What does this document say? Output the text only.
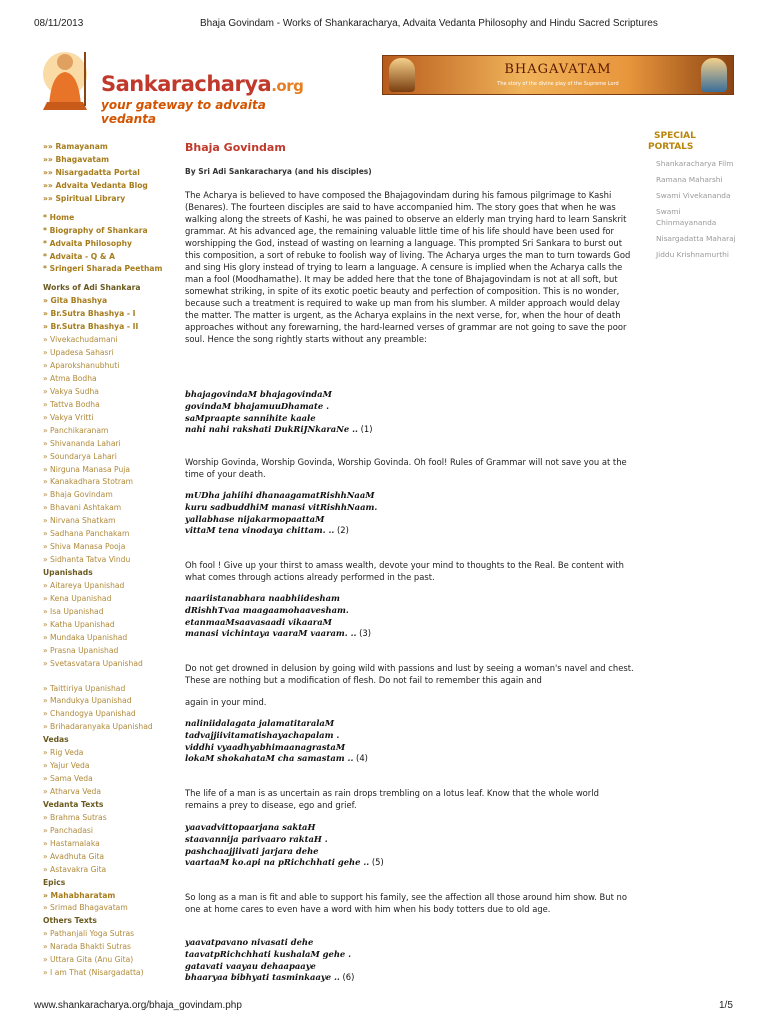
08/11/2013	Bhaja Govindam - Works of Shankaracharya, Advaita Vedanta Philosophy and Hindu Sacred Scriptures
Sankaracharya.org
your gateway to advaita vedanta
BHAGAVATAM
The story of the divine play of the Supreme Lord
»» Ramayanam
»» Bhagavatam
»» Nisargadatta Portal
»» Advaita Vedanta Blog
»» Spiritual Library
* Home
* Biography of Shankara
* Advaita Philosophy
* Advaita - Q & A
* Sringeri Sharada Peetham
Works of Adi Shankara
» Gita Bhashya
» Br.Sutra Bhashya - I
» Br.Sutra Bhashya - II
» Vivekachudamani
» Upadesa Sahasri
» Aparokshanubhuti
» Atma Bodha
» Vakya Sudha
» Tattva Bodha
» Vakya Vritti
» Panchikaranam
» Shivananda Lahari
» Soundarya Lahari
» Nirguna Manasa Puja
» Kanakadhara Stotram
» Bhaja Govindam
» Bhavani Ashtakam
» Nirvana Shatkam
» Sadhana Panchakam
» Shiva Manasa Pooja
» Sidhanta Tatva Vindu
Upanishads
» Aitareya Upanishad
» Kena Upanishad
» Isa Upanishad
» Katha Upanishad
» Mundaka Upanishad
» Prasna Upanishad
» Svetasvatara Upanishad
» Taittiriya Upanishad
» Mandukya Upanishad
» Chandogya Upanishad
» Brihadaranyaka Upanishad
Vedas
» Rig Veda
» Yajur Veda
» Sama Veda
» Atharva Veda
Vedanta Texts
» Brahma Sutras
» Panchadasi
» Hastamalaka
» Avadhuta Gita
» Astavakra Gita
Epics
» Mahabharatam
» Srimad Bhagavatam
Others Texts
» Pathanjali Yoga Sutras
» Narada Bhakti Sutras
» Uttara Gita (Anu Gita)
» I am That (Nisargadatta)
Bhaja Govindam
By Sri Adi Sankaracharya (and his disciples)
The Acharya is believed to have composed the Bhajagovindam during his famous pilgrimage to Kashi (Benares). The fourteen disciples are said to have accompanied him. The story goes that when he was walking along the streets of Kashi, he was pained to observe an elderly man trying hard to learn Sanskrit grammar. At his advanced age, the remaining valuable little time of his life should have been used for worshipping the God, instead of wasting on learning a language. This prompted Sri Sankara to burst out this composition, a sort of rebuke to foolish way of living. The Acharya urges the man to turn towards God and sing His glory instead of trying to learn a language. A censure is implied when the Acharya calls the man a fool (Moodhamathe). It may be added here that the tone of Bhajagovindam is not at all soft, but somewhat striking, in spite of its exotic poetic beauty and perfection of composition. This is no wonder, because such a treatment is required to wake up man from his slumber. A milder approach would delay the matter. The matter is urgent, as the Acharya explains in the next verse, for, when the hour of death approaches without any forewarning, the hard-learned verses of grammar are not going to save the poor soul. Hence the song rightly starts without any preamble:
bhajagovindaM bhajagovindaM
govindaM bhajamuuDhamate .
saMpraapte sannihite kaale
nahi nahi rakshati DukRiJNkaraNe .. (1)
Worship Govinda, Worship Govinda, Worship Govinda. Oh fool! Rules of Grammar will not save you at the time of your death.
mUDha jahiihi dhanaagamatRishhNaaM
kuru sadbuddhiM manasi vitRishhNaam.
yallabhase nijakarmopaattaM
vittaM tena vinodaya chittam. .. (2)
Oh fool ! Give up your thirst to amass wealth, devote your mind to thoughts to the Real. Be content with what comes through actions already performed in the past.
naariistanabhara naabhiidesham
dRishhTvaa maagaamohaavesham.
etanmaaMsaavasaadi vikaaraM
manasi vichintaya vaaraM vaaram. .. (3)
Do not get drowned in delusion by going wild with passions and lust by seeing a woman's navel and chest. These are nothing but a modification of flesh. Do not fail to remember this again and
again in your mind.
naliniidalagata jalamatitaralaM
tadvajjiivitamatishayachapalam .
viddhi vyaadhyabhimaanagrastaM
lokaM shokahataM cha samastam .. (4)
The life of a man is as uncertain as rain drops trembling on a lotus leaf. Know that the whole world remains a prey to disease, ego and grief.
yaavadvittopaarjana saktaH
staavannija parivaaro raktaH .
pashchaajjiivati jarjara dehe
vaartaaM ko.api na pRichchhati gehe .. (5)
So long as a man is fit and able to support his family, see the affection all those around him show. But no one at home cares to even have a word with him when his body totters due to old age.
yaavatpavano nivasati dehe
taavatpRichchhati kushalaM gehe .
gatavati vaayau dehaapaaye
bhaaryaa bibhyati tasminkaaye .. (6)
SPECIAL
PORTALS
Shankaracharya Film
Ramana Maharshi
Swami Vivekananda
Swami Chinmayananda
Nisargadatta Maharaj
Jiddu Krishnamurthi
www.shankaracharya.org/bhaja_govindam.php	1/5
